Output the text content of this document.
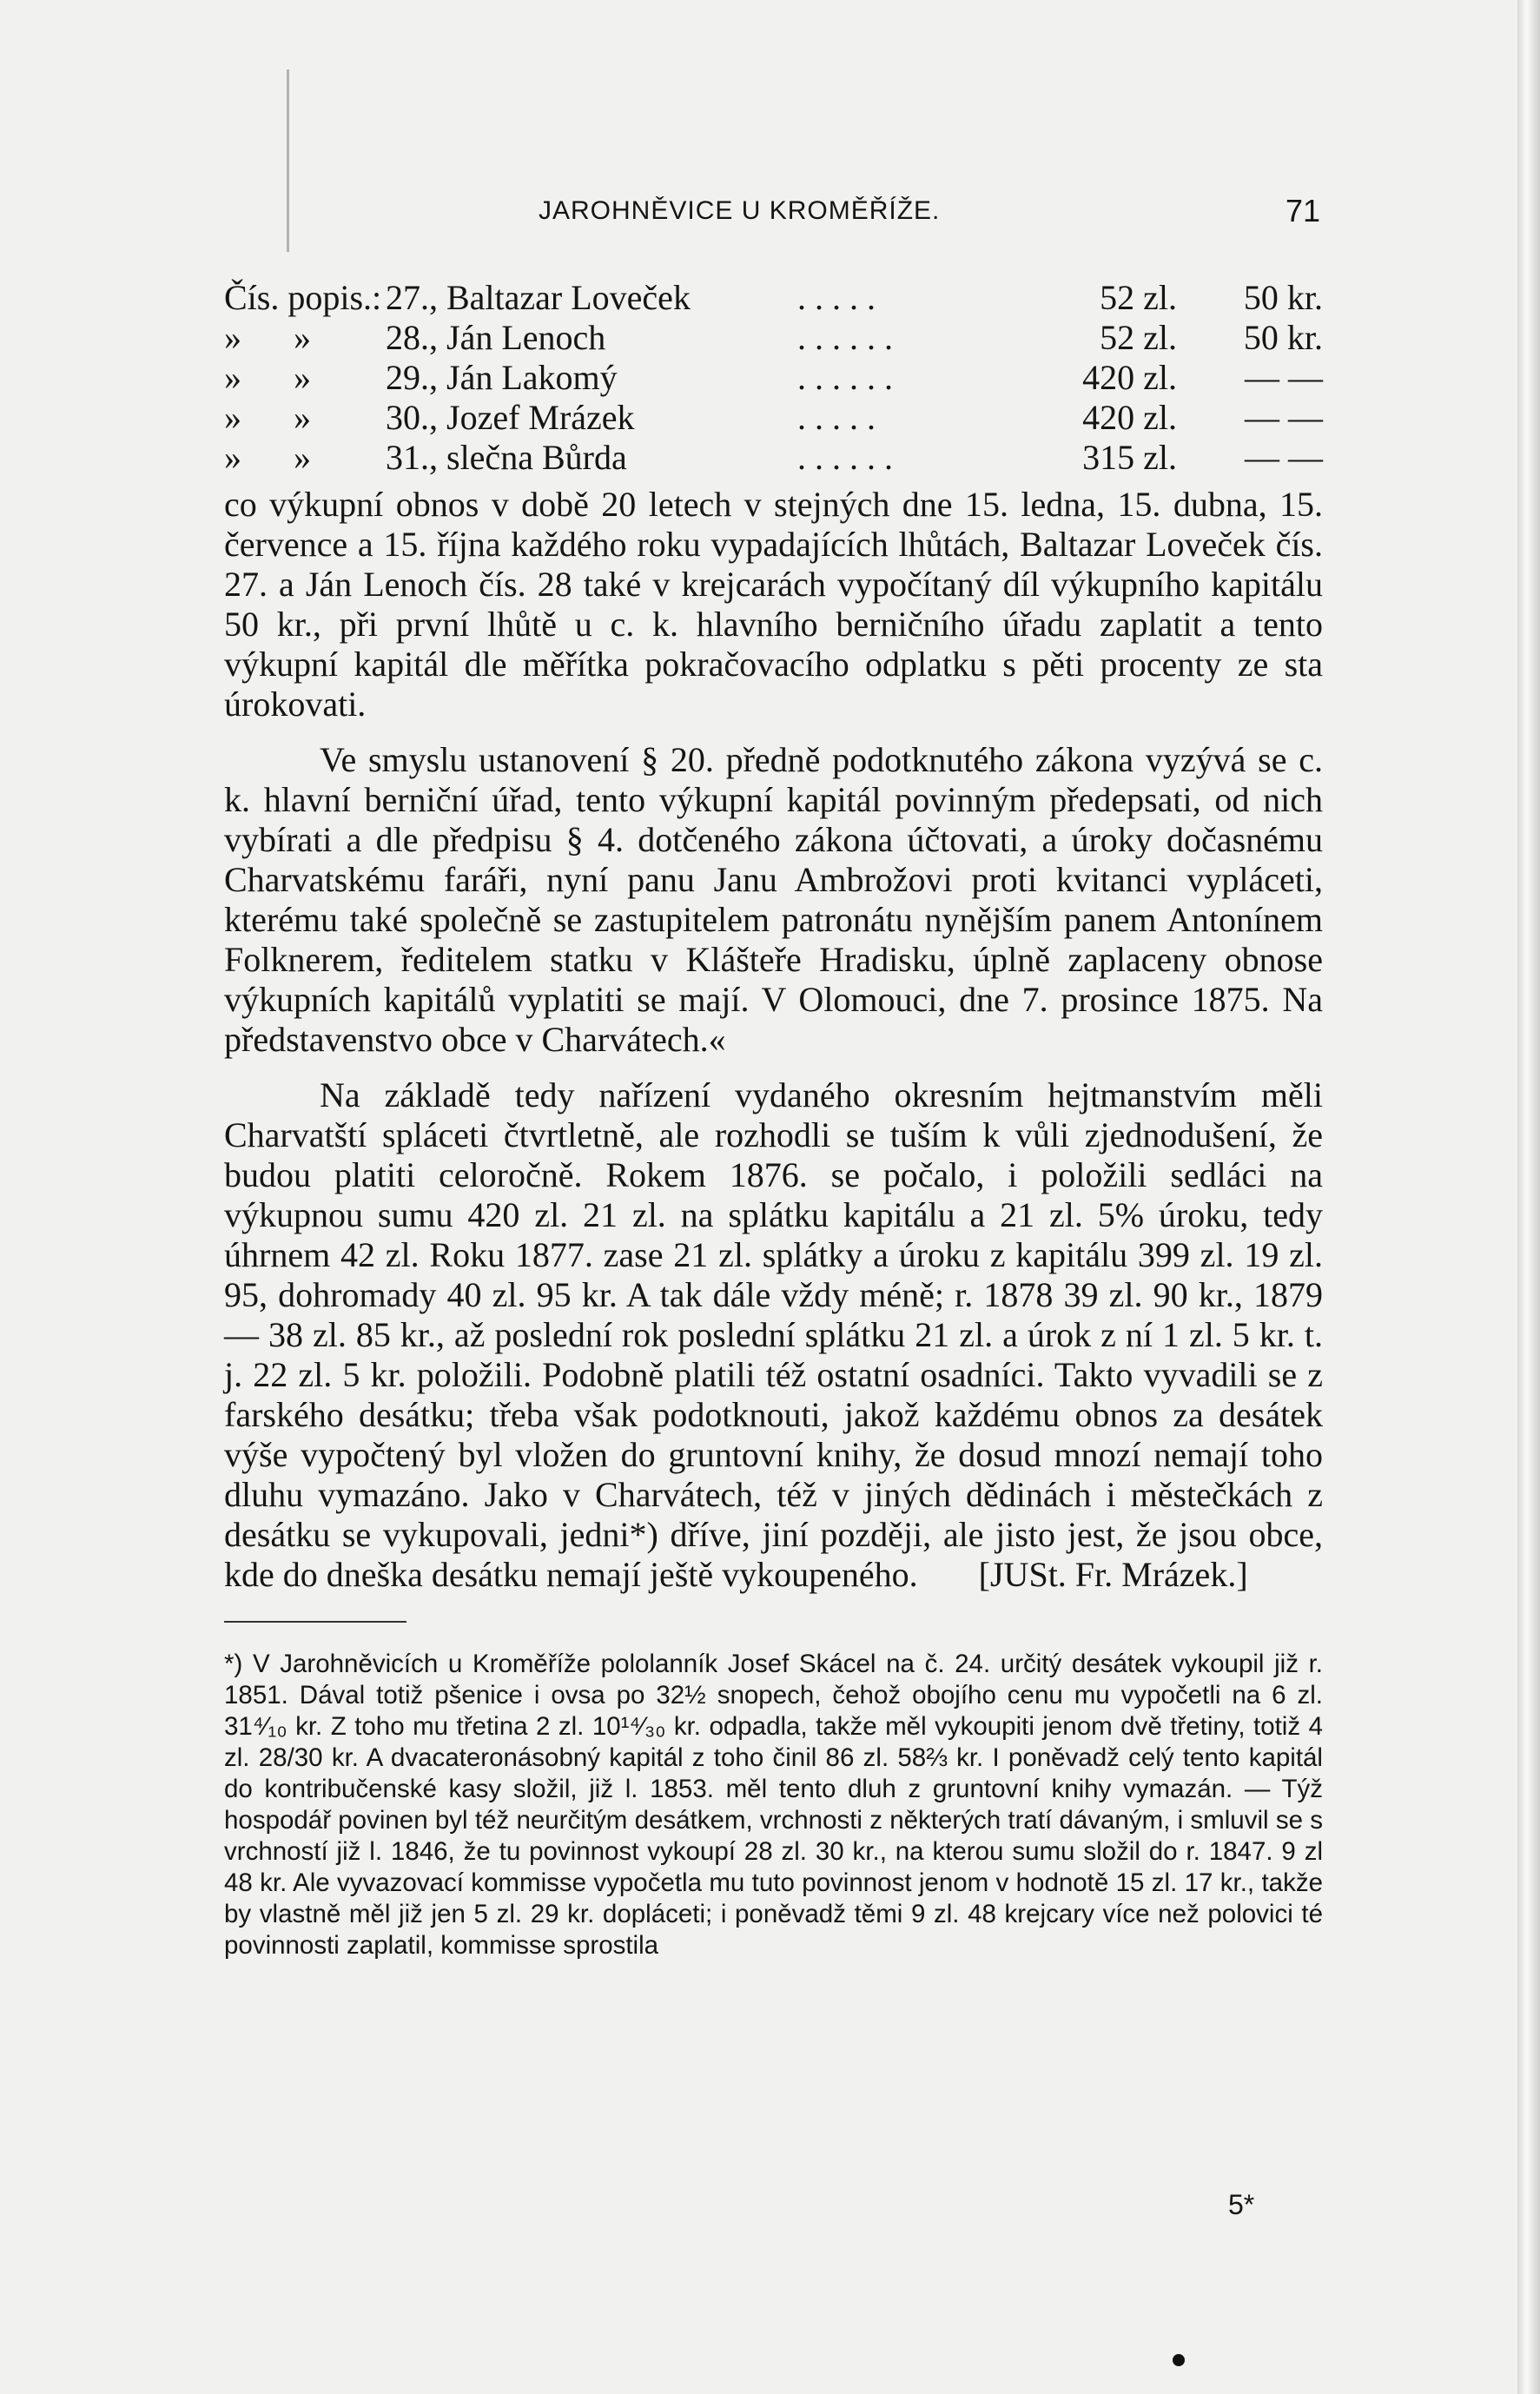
JAROHNĚVICE U KROMĚŘÍŽE.	71
Čís. popis.: 27., Baltazar Loveček	.....	52 zl. 50 kr.
»      » 28., Ján Lenoch	......	52 zl. 50 kr.
»      » 29., Ján Lakomý	......	420 zl. — —
»      » 30., Jozef Mrázek	.....	420 zl. — —
»      » 31., slečna Bůrda	......	315 zl. — —

co výkupní obnos v době 20 letech v stejných dne 15. ledna, 15. dubna, 15. července a 15. října každého roku vypadajících lhůtách, Baltazar Loveček čís. 27. a Ján Lenoch čís. 28 také v krejcarách vypočítaný díl výkupního kapitálu 50 kr., při první lhůtě u c. k. hlavního berničního úřadu zaplatit a tento výkupní kapitál dle měřítka pokračovacího odplatku s pěti procenty ze sta úrokovati.

Ve smyslu ustanovení § 20. předně podotknutého zákona vyzývá se c. k. hlavní berniční úřad, tento výkupní kapitál povinným předepsati, od nich vybírati a dle předpisu § 4. dotčeného zákona účtovati, a úroky dočasnému Charvatskému faráři, nyní panu Janu Ambrožovi proti kvitanci vypláceti, kterému také společně se zastupitelem patronátu nynějším panem Antonínem Folknerem, ředitelem statku v Klášteře Hradisku, úplně zaplaceny obnose výkupních kapitálů vyplatiti se mají. V Olomouci, dne 7. prosince 1875. Na představenstvo obce v Charvátech.«

Na základě tedy nařízení vydaného okresním hejtmanstvím měli Charvatští spláceti čtvrtletně, ale rozhodli se tuším k vůli zjednodušení, že budou platiti celoročně. Rokem 1876. se počalo, i položili sedláci na výkupnou sumu 420 zl. 21 zl. na splátku kapitálu a 21 zl. 5% úroku, tedy úhrnem 42 zl. Roku 1877. zase 21 zl. splátky a úroku z kapitálu 399 zl. 19 zl. 95, dohromady 40 zl. 95 kr. A tak dále vždy méně; r. 1878 39 zl. 90 kr., 1879 — 38 zl. 85 kr., až poslední rok poslední splátku 21 zl. a úrok z ní 1 zl. 5 kr. t. j. 22 zl. 5 kr. položili. Podobně platili též ostatní osadníci. Takto vyvadili se z farského desátku; třeba však podotknouti, jakož každému obnos za desátek výše vypočtený byl vložen do gruntovní knihy, že dosud mnozí nemají toho dluhu vymazáno. Jako v Charvátech, též v jiných dědinách i městečkách z desátku se vykupovali, jedni*) dříve, jiní později, ale jisto jest, že jsou obce, kde do dneška desátku nemají ještě vykoupeného. [JUSt. Fr. Mrázek.]

*) V Jarohněvicích u Kroměříže pololanník Josef Skácel na č. 24. určitý desátek vykoupil již r. 1851. Dával totiž pšenice i ovsa po 32½ snopech, čehož obojího cenu mu vypočetli na 6 zl. 31⁴⁄₁₀ kr. Z toho mu třetina 2 zl. 10¹⁴⁄₃₀ kr. odpadla, takže měl vykoupiti jenom dvě třetiny, totiž 4 zl. 28/30 kr. A dvacateronásobný kapitál z toho činil 86 zl. 58⅔ kr. I poněvadž celý tento kapitál do kontribučenské kasy složil, již l. 1853. měl tento dluh z gruntovní knihy vymazán. — Týž hospodář povinen byl též neurčitým desátkem, vrchnosti z některých tratí dávaným, i smluvil se s vrchností již l. 1846, že tu povinnost vykoupí 28 zl. 30 kr., na kterou sumu složil do r. 1847. 9 zl 48 kr. Ale vyvazovací kommisse vypočetla mu tuto povinnost jenom v hodnotě 15 zl. 17 kr., takže by vlastně měl již jen 5 zl. 29 kr. dopláceti; i poněvadž těmi 9 zl. 48 krejcary více než polovici té povinnosti zaplatil, kommisse sprostila

5*
